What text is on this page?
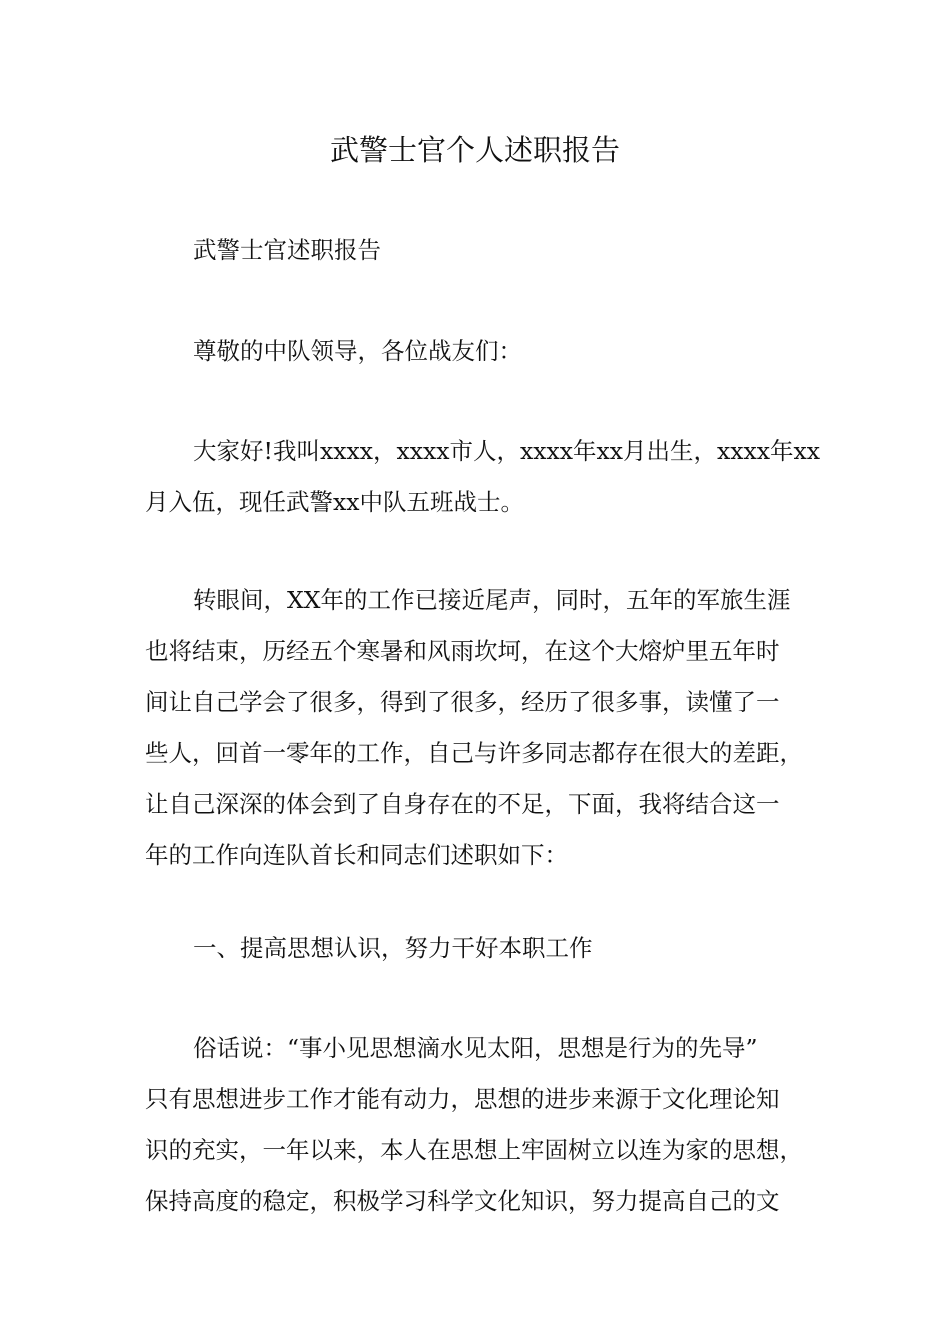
武警士官个人述职报告

武警士官述职报告

尊敬的中队领导，各位战友们：

大家好!我叫xxxx，xxxx市人，xxxx年xx月出生，xxxx年xx
月入伍，现任武警xx中队五班战士。

转眼间，XX年的工作已接近尾声，同时，五年的军旅生涯
也将结束，历经五个寒暑和风雨坎坷，在这个大熔炉里五年时
间让自己学会了很多，得到了很多，经历了很多事，读懂了一
些人，回首一零年的工作，自己与许多同志都存在很大的差距，
让自己深深的体会到了自身存在的不足，下面，我将结合这一
年的工作向连队首长和同志们述职如下：

一、提高思想认识，努力干好本职工作

俗话说：“事小见思想滴水见太阳，思想是行为的先导”
只有思想进步工作才能有动力，思想的进步来源于文化理论知
识的充实，一年以来，本人在思想上牢固树立以连为家的思想，
保持高度的稳定，积极学习科学文化知识，努力提高自己的文
